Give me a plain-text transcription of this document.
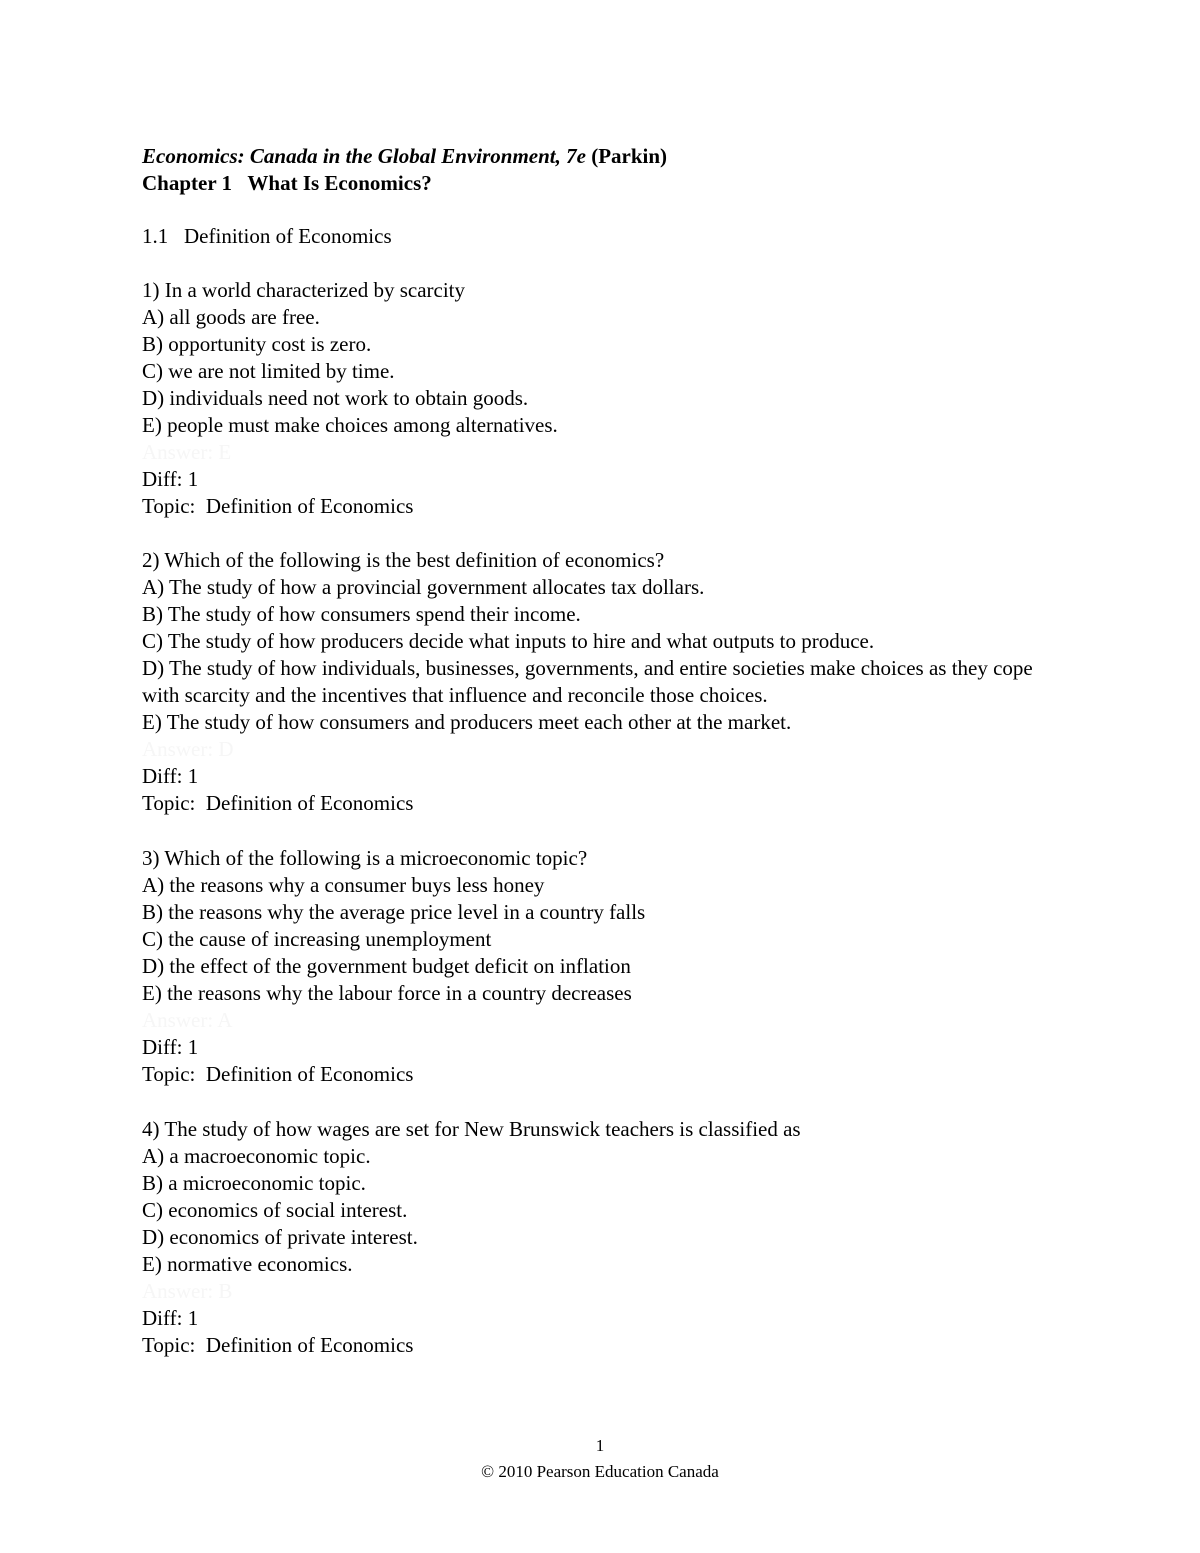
Economics: Canada in the Global Environment, 7e (Parkin)
Chapter 1   What Is Economics?
1.1   Definition of Economics
1) In a world characterized by scarcity
A) all goods are free.
B) opportunity cost is zero.
C) we are not limited by time.
D) individuals need not work to obtain goods.
E) people must make choices among alternatives.
Answer: E
Diff: 1
Topic:  Definition of Economics
2) Which of the following is the best definition of economics?
A) The study of how a provincial government allocates tax dollars.
B) The study of how consumers spend their income.
C) The study of how producers decide what inputs to hire and what outputs to produce.
D) The study of how individuals, businesses, governments, and entire societies make choices as they cope with scarcity and the incentives that influence and reconcile those choices.
E) The study of how consumers and producers meet each other at the market.
Answer: D
Diff: 1
Topic:  Definition of Economics
3) Which of the following is a microeconomic topic?
A) the reasons why a consumer buys less honey
B) the reasons why the average price level in a country falls
C) the cause of increasing unemployment
D) the effect of the government budget deficit on inflation
E) the reasons why the labour force in a country decreases
Answer: A
Diff: 1
Topic:  Definition of Economics
4) The study of how wages are set for New Brunswick teachers is classified as
A) a macroeconomic topic.
B) a microeconomic topic.
C) economics of social interest.
D) economics of private interest.
E) normative economics.
Answer: B
Diff: 1
Topic:  Definition of Economics
1
© 2010 Pearson Education Canada
